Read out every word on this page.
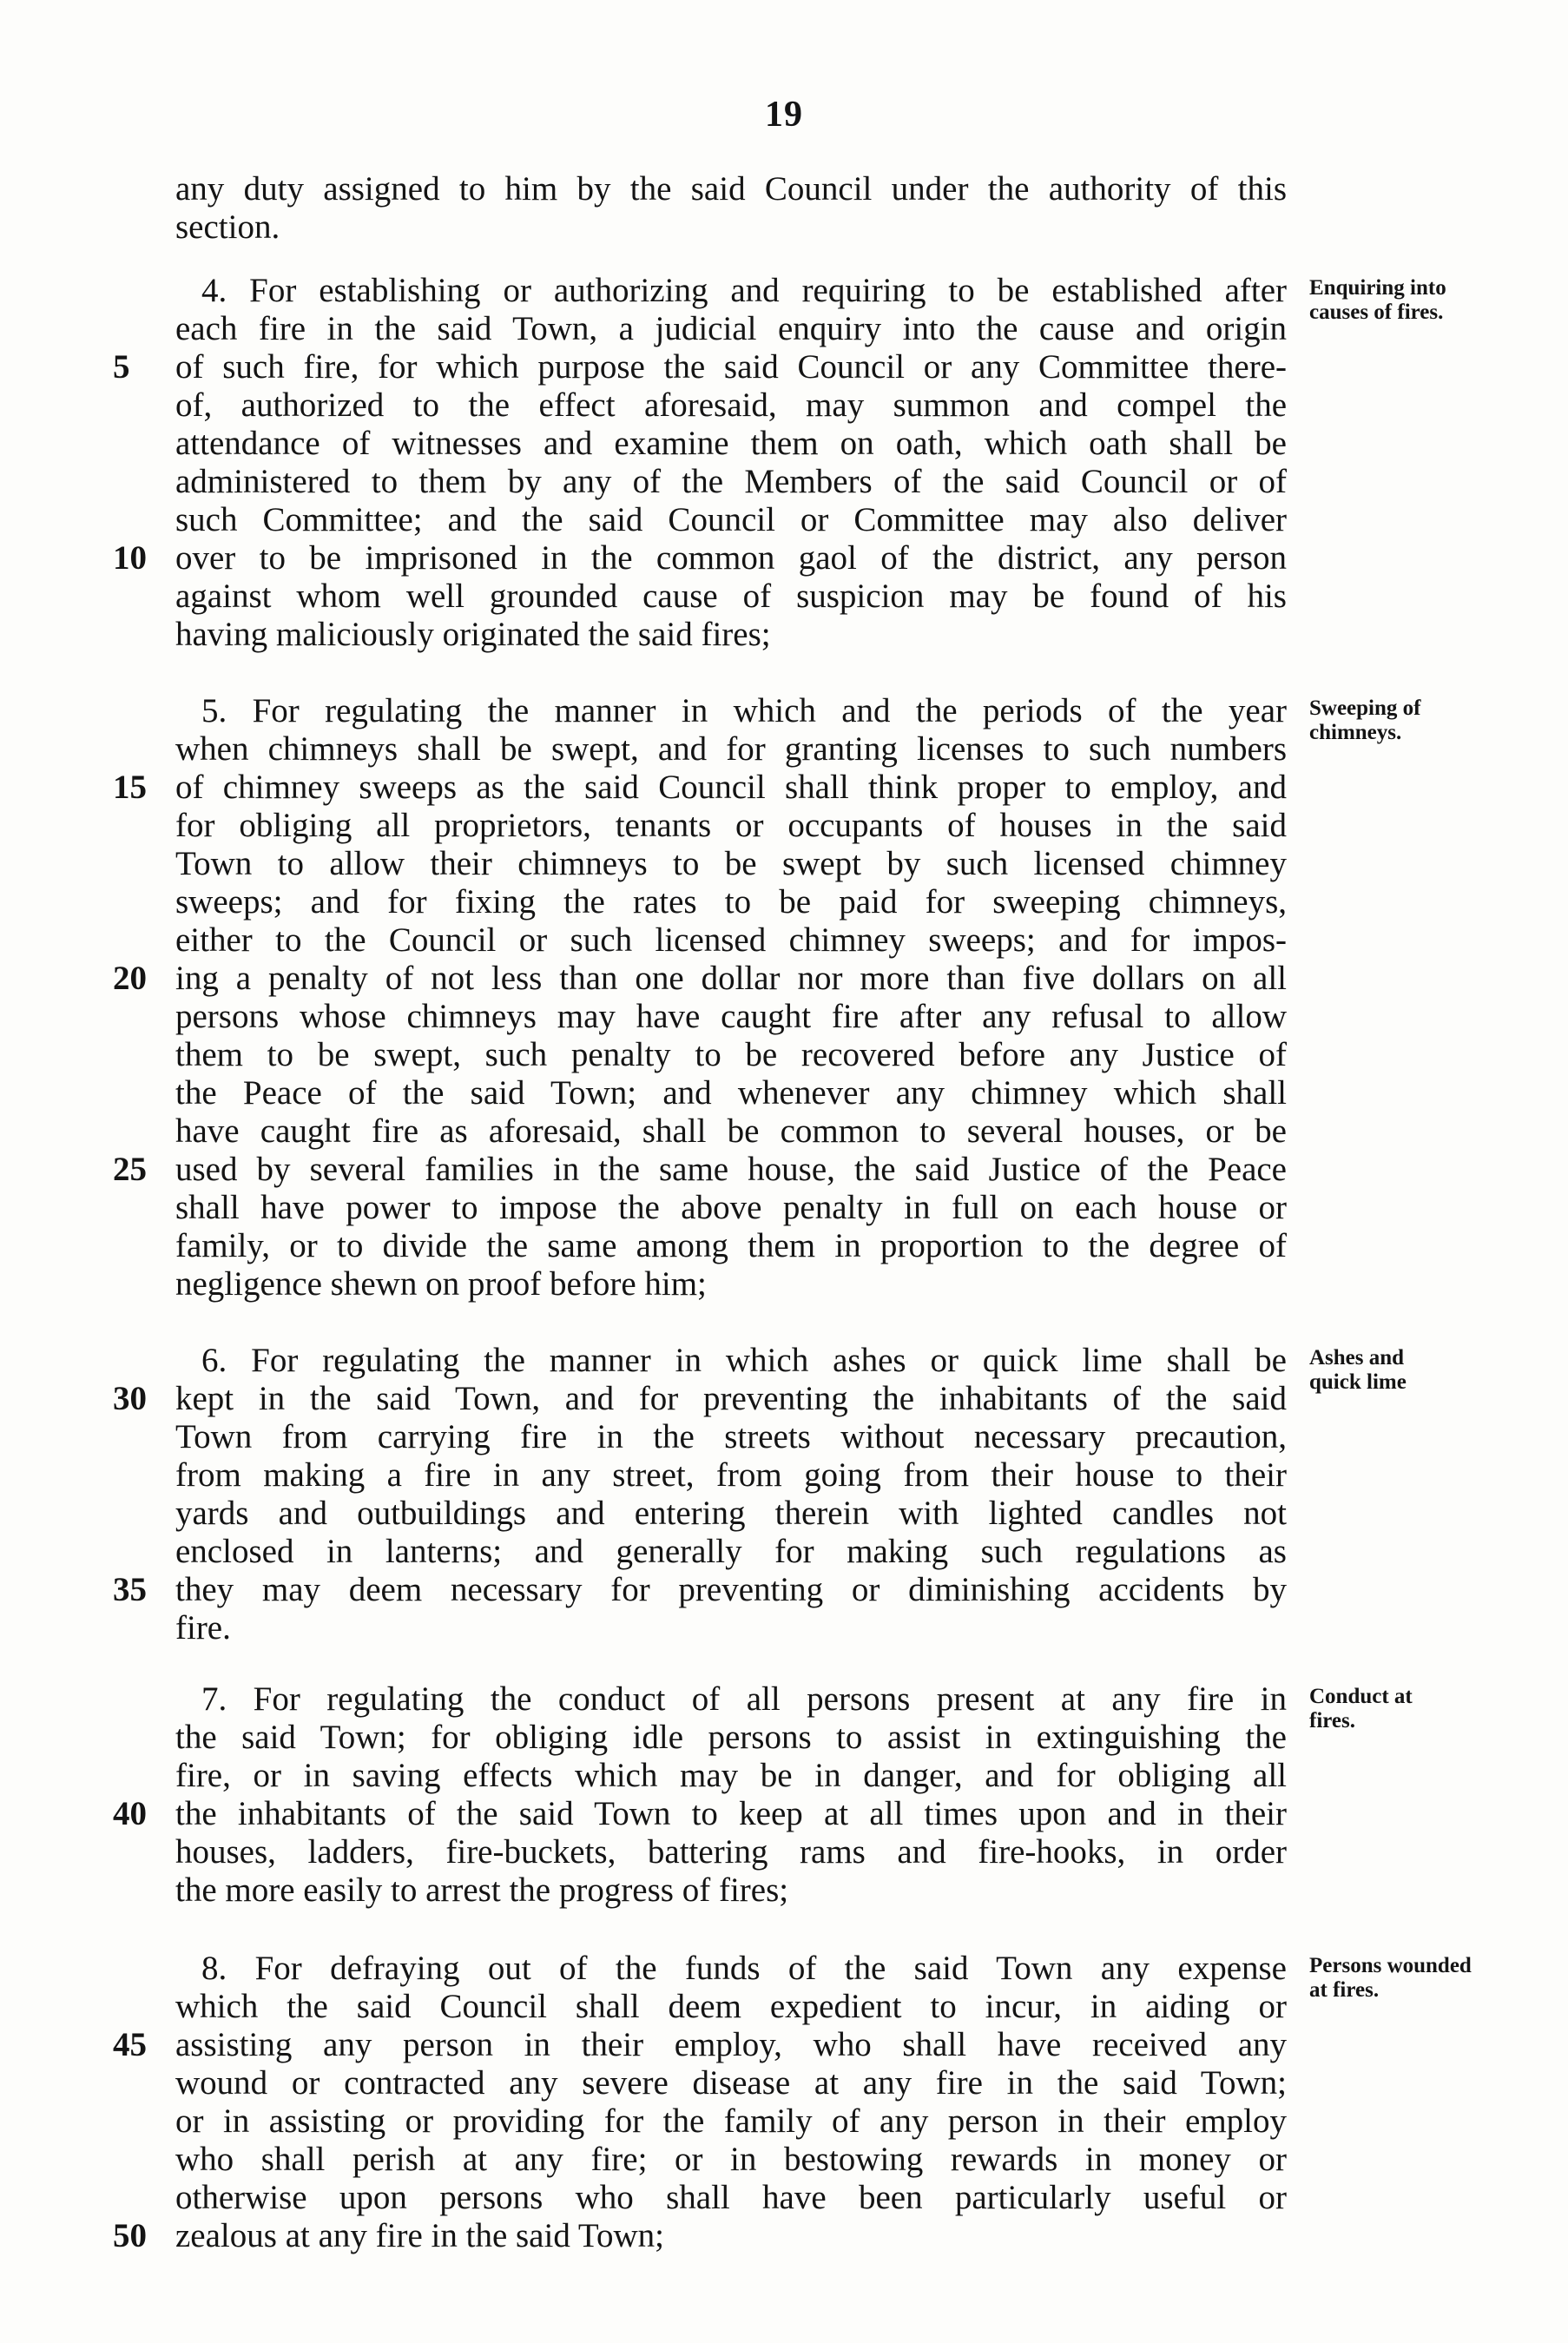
19
any duty assigned to him by the said Council under the authority of this
section.
4. For establishing or authorizing and requiring to be established after
each fire in the said Town, a judicial enquiry into the cause and origin
of such fire, for which purpose the said Council or any Committee there-
of, authorized to the effect aforesaid, may summon and compel the
attendance of witnesses and examine them on oath, which oath shall be
administered to them by any of the Members of the said Council or of
such Committee; and the said Council or Committee may also deliver
over to be imprisoned in the common gaol of the district, any person
against whom well grounded cause of suspicion may be found of his
having maliciously originated the said fires;
5. For regulating the manner in which and the periods of the year
when chimneys shall be swept, and for granting licenses to such numbers
of chimney sweeps as the said Council shall think proper to employ, and
for obliging all proprietors, tenants or occupants of houses in the said
Town to allow their chimneys to be swept by such licensed chimney
sweeps; and for fixing the rates to be paid for sweeping chimneys,
either to the Council or such licensed chimney sweeps; and for impos-
ing a penalty of not less than one dollar nor more than five dollars on all
persons whose chimneys may have caught fire after any refusal to allow
them to be swept, such penalty to be recovered before any Justice of
the Peace of the said Town; and whenever any chimney which shall
have caught fire as aforesaid, shall be common to several houses, or be
used by several families in the same house, the said Justice of the Peace
shall have power to impose the above penalty in full on each house or
family, or to divide the same among them in proportion to the degree of
negligence shewn on proof before him;
6. For regulating the manner in which ashes or quick lime shall be
kept in the said Town, and for preventing the inhabitants of the said
Town from carrying fire in the streets without necessary precaution,
from making a fire in any street, from going from their house to their
yards and outbuildings and entering therein with lighted candles not
enclosed in lanterns; and generally for making such regulations as
they may deem necessary for preventing or diminishing accidents by
fire.
7. For regulating the conduct of all persons present at any fire in
the said Town; for obliging idle persons to assist in extinguishing the
fire, or in saving effects which may be in danger, and for obliging all
the inhabitants of the said Town to keep at all times upon and in their
houses, ladders, fire-buckets, battering rams and fire-hooks, in order
the more easily to arrest the progress of fires;
8. For defraying out of the funds of the said Town any expense
which the said Council shall deem expedient to incur, in aiding or
assisting any person in their employ, who shall have received any
wound or contracted any severe disease at any fire in the said Town;
or in assisting or providing for the family of any person in their employ
who shall perish at any fire; or in bestowing rewards in money or
otherwise upon persons who shall have been particularly useful or
zealous at any fire in the said Town;
5
10
15
20
25
30
35
40
45
50
Enquiring into causes of fires.
Sweeping of chimneys.
Ashes and quick lime
Conduct at fires.
Persons wounded at fires.
